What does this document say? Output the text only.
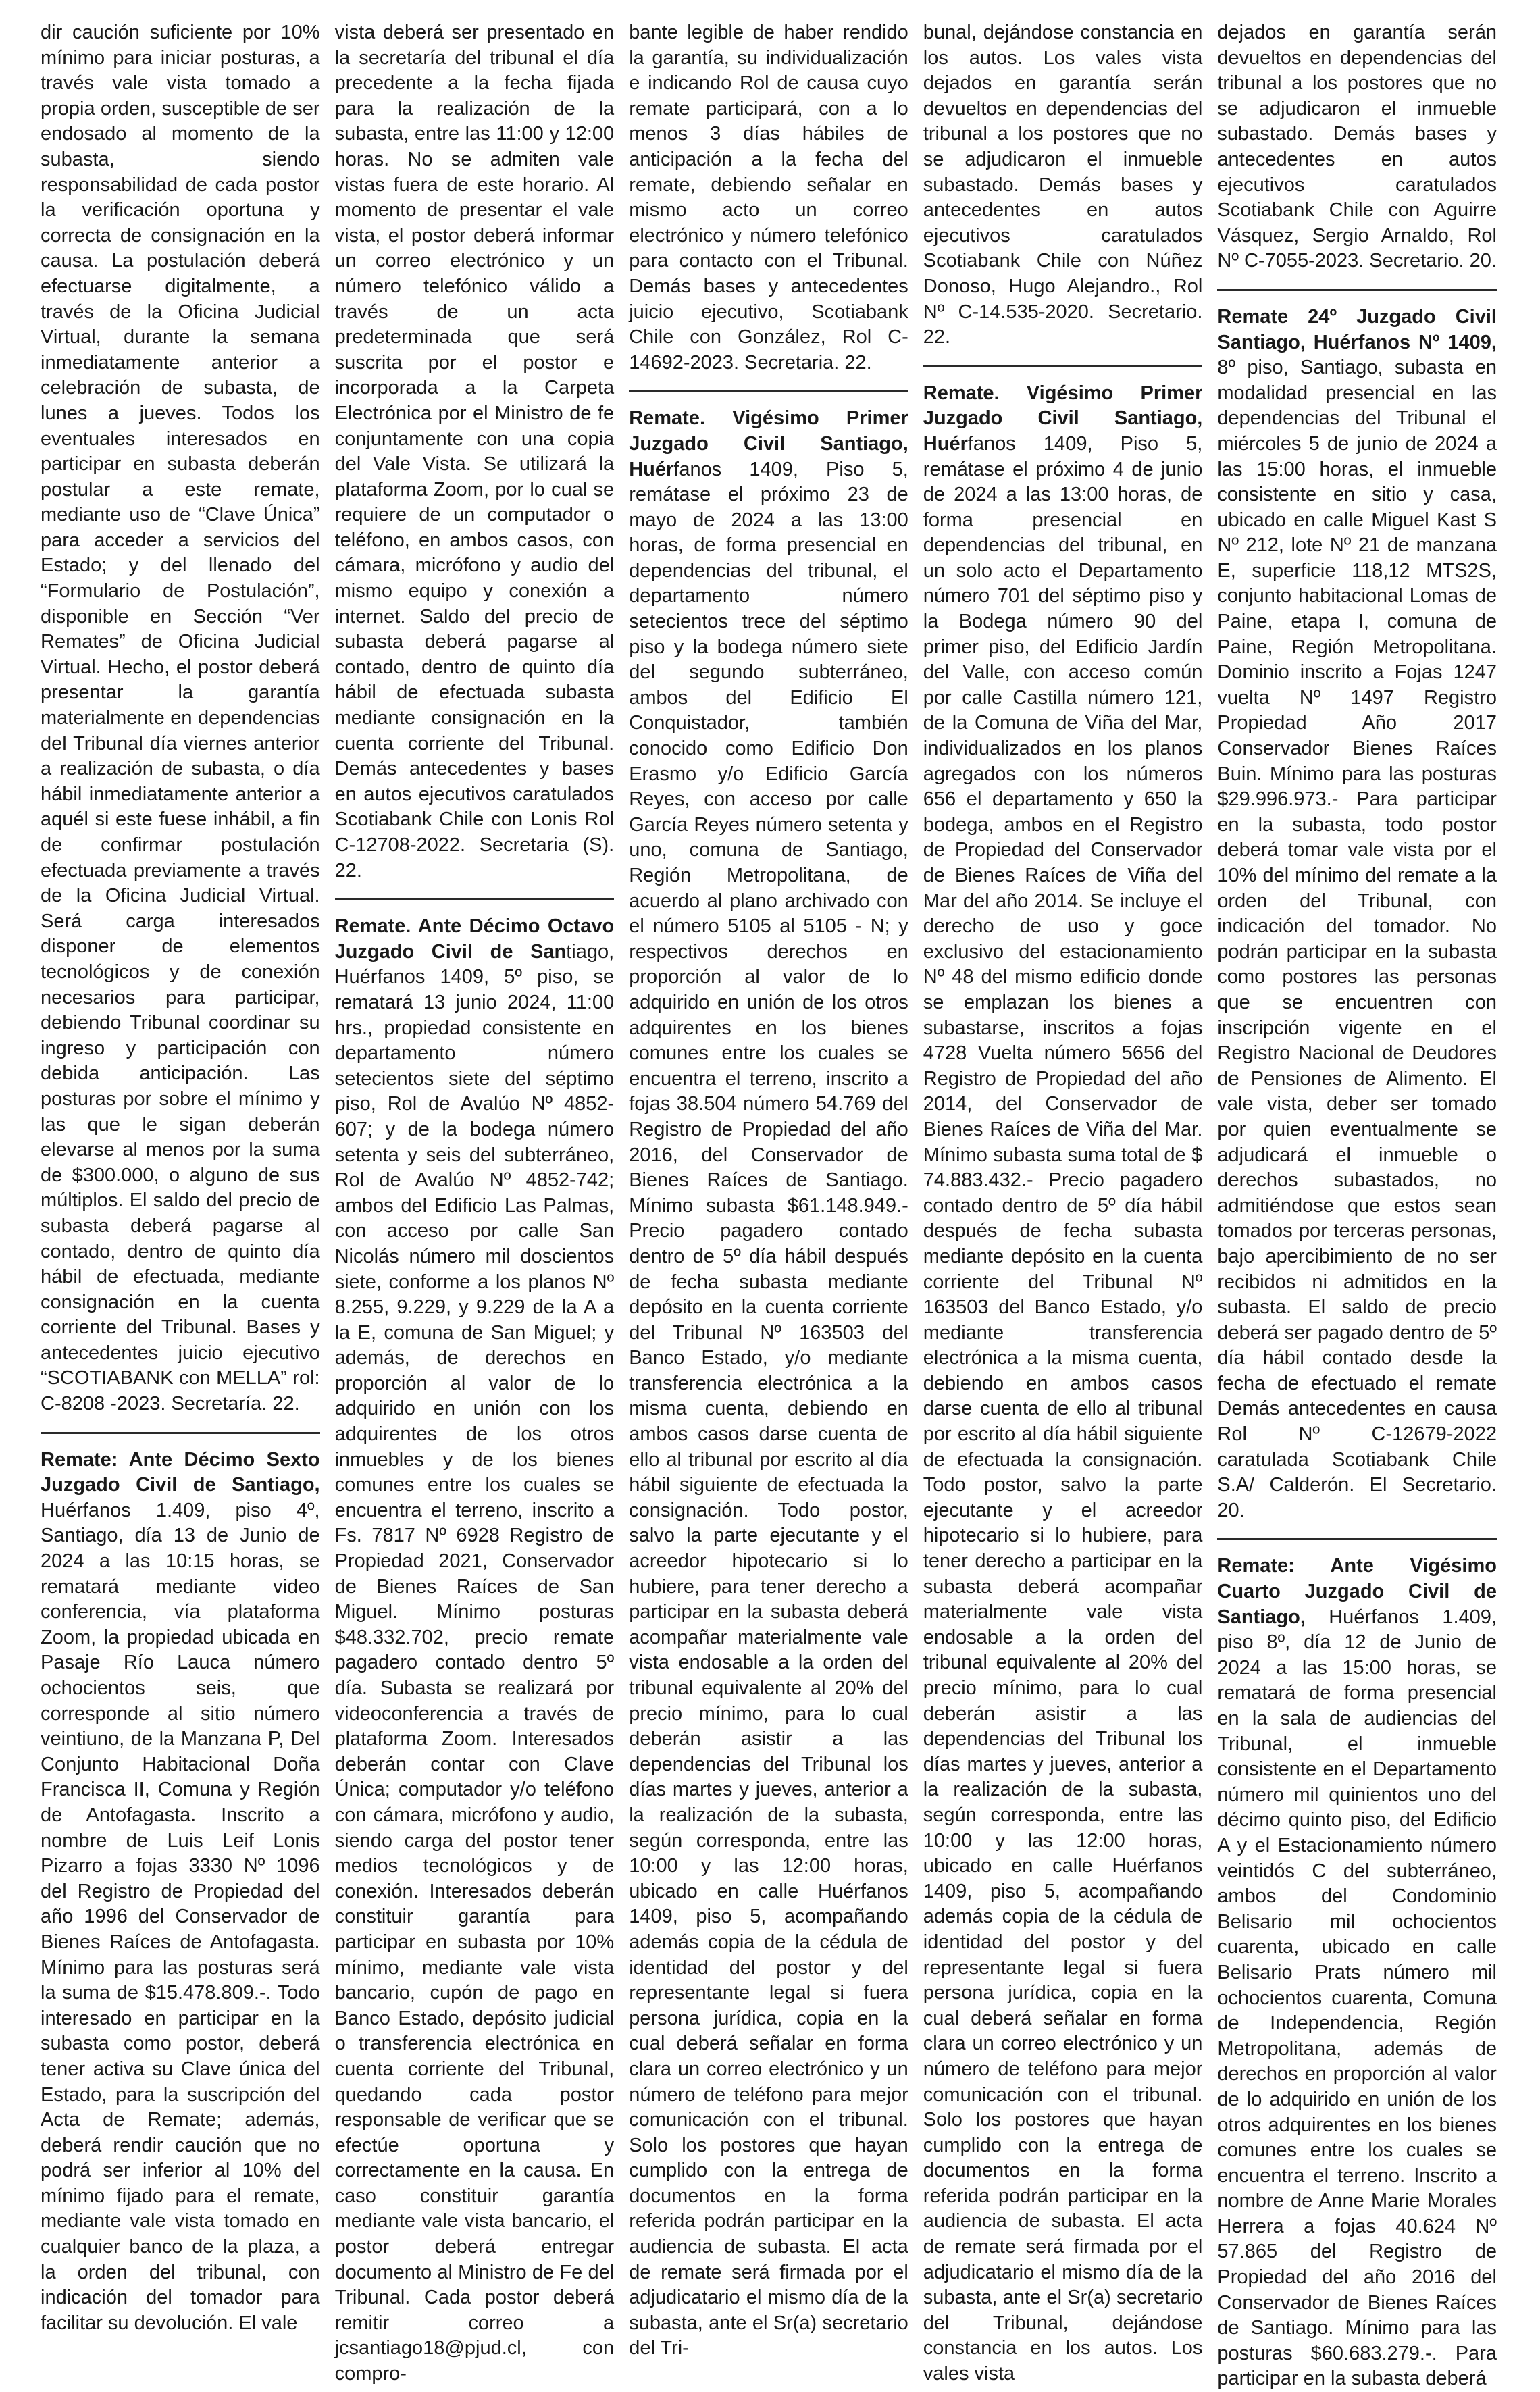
dir caución suficiente por 10% mínimo para iniciar posturas, a través vale vista tomado a propia orden, susceptible de ser endosado al momento de la subasta, siendo responsabilidad de cada postor la verificación oportuna y correcta de consignación en la causa. La postulación deberá efectuarse digitalmente, a través de la Oficina Judicial Virtual, durante la semana inmediatamente anterior a celebración de subasta, de lunes a jueves. Todos los eventuales interesados en participar en subasta deberán postular a este remate, mediante uso de “Clave Única” para acceder a servicios del Estado; y del llenado del “Formulario de Postulación”, disponible en Sección “Ver Remates” de Oficina Judicial Virtual. Hecho, el postor deberá presentar la garantía materialmente en dependencias del Tribunal día viernes anterior a realización de subasta, o día hábil inmediatamente anterior a aquél si este fuese inhábil, a fin de confirmar postulación efectuada previamente a través de la Oficina Judicial Virtual. Será carga interesados disponer de elementos tecnológicos y de conexión necesarios para participar, debiendo Tribunal coordinar su ingreso y participación con debida anticipación. Las posturas por sobre el mínimo y las que le sigan deberán elevarse al menos por la suma de $300.000, o alguno de sus múltiplos. El saldo del precio de subasta deberá pagarse al contado, dentro de quinto día hábil de efectuada, mediante consignación en la cuenta corriente del Tribunal. Bases y antecedentes juicio ejecutivo “SCOTIABANK con MELLA” rol: C-8208 -2023. Secretaría. 22.

Remate: Ante Décimo Sexto Juzgado Civil de Santiago, Huérfanos 1.409, piso 4º, Santiago, día 13 de Junio de 2024 a las 10:15 horas, se rematará mediante video conferencia, vía plataforma Zoom, la propiedad ubicada en Pasaje Río Lauca número ochocientos seis, que corresponde al sitio número veintiuno, de la Manzana P, Del Conjunto Habitacional Doña Francisca II, Comuna y Región de Antofagasta. Inscrito a nombre de Luis Leif Lonis Pizarro a fojas 3330 Nº 1096 del Registro de Propiedad del año 1996 del Conservador de Bienes Raíces de Antofagasta. Mínimo para las posturas será la suma de $15.478.809.-. Todo interesado en participar en la subasta como postor, deberá tener activa su Clave única del Estado, para la suscripción del Acta de Remate; además, deberá rendir caución que no podrá ser inferior al 10% del mínimo fijado para el remate, mediante vale vista tomado en cualquier banco de la plaza, a la orden del tribunal, con indicación del tomador para facilitar su devolución. El vale

vista deberá ser presentado en la secretaría del tribunal el día precedente a la fecha fijada para la realización de la subasta, entre las 11:00 y 12:00 horas. No se admiten vale vistas fuera de este horario. Al momento de presentar el vale vista, el postor deberá informar un correo electrónico y un número telefónico válido a través de un acta predeterminada que será suscrita por el postor e incorporada a la Carpeta Electrónica por el Ministro de fe conjuntamente con una copia del Vale Vista. Se utilizará la plataforma Zoom, por lo cual se requiere de un computador o teléfono, en ambos casos, con cámara, micrófono y audio del mismo equipo y conexión a internet. Saldo del precio de subasta deberá pagarse al contado, dentro de quinto día hábil de efectuada subasta mediante consignación en la cuenta corriente del Tribunal. Demás antecedentes y bases en autos ejecutivos caratulados Scotiabank Chile con Lonis Rol C-12708-2022. Secretaria (S). 22.

Remate. Ante Décimo Octavo Juzgado Civil de Santiago, Huérfanos 1409, 5º piso, se rematará 13 junio 2024, 11:00 hrs., propiedad consistente en departamento número setecientos siete del séptimo piso, Rol de Avalúo Nº 4852-607; y de la bodega número setenta y seis del subterráneo, Rol de Avalúo Nº 4852-742; ambos del Edificio Las Palmas, con acceso por calle San Nicolás número mil doscientos siete, conforme a los planos Nº 8.255, 9.229, y 9.229 de la A a la E, comuna de San Miguel; y además, de derechos en proporción al valor de lo adquirido en unión con los adquirentes de los otros inmuebles y de los bienes comunes entre los cuales se encuentra el terreno, inscrito a Fs. 7817 Nº 6928 Registro de Propiedad 2021, Conservador de Bienes Raíces de San Miguel. Mínimo posturas $48.332.702, precio remate pagadero contado dentro 5º día. Subasta se realizará por videoconferencia a través de plataforma Zoom. Interesados deberán contar con Clave Única; computador y/o teléfono con cámara, micrófono y audio, siendo carga del postor tener medios tecnológicos y de conexión. Interesados deberán constituir garantía para participar en subasta por 10% mínimo, mediante vale vista bancario, cupón de pago en Banco Estado, depósito judicial o transferencia electrónica en cuenta corriente del Tribunal, quedando cada postor responsable de verificar que se efectúe oportuna y correctamente en la causa. En caso constituir garantía mediante vale vista bancario, el postor deberá entregar documento al Ministro de Fe del Tribunal. Cada postor deberá remitir correo a jcsantiago18@pjud.cl, con compro-

bante legible de haber rendido la garantía, su individualización e indicando Rol de causa cuyo remate participará, con a lo menos 3 días hábiles de anticipación a la fecha del remate, debiendo señalar en mismo acto un correo electrónico y número telefónico para contacto con el Tribunal. Demás bases y antecedentes juicio ejecutivo, Scotiabank Chile con González, Rol C-14692-2023. Secretaria. 22.

Remate. Vigésimo Primer Juzgado Civil Santiago, Huérfanos 1409, Piso 5, remátase el próximo 23 de mayo de 2024 a las 13:00 horas, de forma presencial en dependencias del tribunal, el departamento número setecientos trece del séptimo piso y la bodega número siete del segundo subterráneo, ambos del Edificio El Conquistador, también conocido como Edificio Don Erasmo y/o Edificio García Reyes, con acceso por calle García Reyes número setenta y uno, comuna de Santiago, Región Metropolitana, de acuerdo al plano archivado con el número 5105 al 5105 - N; y respectivos derechos en proporción al valor de lo adquirido en unión de los otros adquirentes en los bienes comunes entre los cuales se encuentra el terreno, inscrito a fojas 38.504 número 54.769 del Registro de Propiedad del año 2016, del Conservador de Bienes Raíces de Santiago. Mínimo subasta $61.148.949.- Precio pagadero contado dentro de 5º día hábil después de fecha subasta mediante depósito en la cuenta corriente del Tribunal Nº 163503 del Banco Estado, y/o mediante transferencia electrónica a la misma cuenta, debiendo en ambos casos darse cuenta de ello al tribunal por escrito al día hábil siguiente de efectuada la consignación. Todo postor, salvo la parte ejecutante y el acreedor hipotecario si lo hubiere, para tener derecho a participar en la subasta deberá acompañar materialmente vale vista endosable a la orden del tribunal equivalente al 20% del precio mínimo, para lo cual deberán asistir a las dependencias del Tribunal los días martes y jueves, anterior a la realización de la subasta, según corresponda, entre las 10:00 y las 12:00 horas, ubicado en calle Huérfanos 1409, piso 5, acompañando además copia de la cédula de identidad del postor y del representante legal si fuera persona jurídica, copia en la cual deberá señalar en forma clara un correo electrónico y un número de teléfono para mejor comunicación con el tribunal. Solo los postores que hayan cumplido con la entrega de documentos en la forma referida podrán participar en la audiencia de subasta. El acta de remate será firmada por el adjudicatario el mismo día de la subasta, ante el Sr(a) secretario del Tri-

bunal, dejándose constancia en los autos. Los vales vista dejados en garantía serán devueltos en dependencias del tribunal a los postores que no se adjudicaron el inmueble subastado. Demás bases y antecedentes en autos ejecutivos caratulados Scotiabank Chile con Núñez Donoso, Hugo Alejandro., Rol Nº C-14.535-2020. Secretario. 22.

Remate. Vigésimo Primer Juzgado Civil Santiago, Huérfanos 1409, Piso 5, remátase el próximo 4 de junio de 2024 a las 13:00 horas, de forma presencial en dependencias del tribunal, en un solo acto el Departamento número 701 del séptimo piso y la Bodega número 90 del primer piso, del Edificio Jardín del Valle, con acceso común por calle Castilla número 121, de la Comuna de Viña del Mar, individualizados en los planos agregados con los números 656 el departamento y 650 la bodega, ambos en el Registro de Propiedad del Conservador de Bienes Raíces de Viña del Mar del año 2014. Se incluye el derecho de uso y goce exclusivo del estacionamiento Nº 48 del mismo edificio donde se emplazan los bienes a subastarse, inscritos a fojas 4728 Vuelta número 5656 del Registro de Propiedad del año 2014, del Conservador de Bienes Raíces de Viña del Mar. Mínimo subasta suma total de $ 74.883.432.- Precio pagadero contado dentro de 5º día hábil después de fecha subasta mediante depósito en la cuenta corriente del Tribunal Nº 163503 del Banco Estado, y/o mediante transferencia electrónica a la misma cuenta, debiendo en ambos casos darse cuenta de ello al tribunal por escrito al día hábil siguiente de efectuada la consignación. Todo postor, salvo la parte ejecutante y el acreedor hipotecario si lo hubiere, para tener derecho a participar en la subasta deberá acompañar materialmente vale vista endosable a la orden del tribunal equivalente al 20% del precio mínimo, para lo cual deberán asistir a las dependencias del Tribunal los días martes y jueves, anterior a la realización de la subasta, según corresponda, entre las 10:00 y las 12:00 horas, ubicado en calle Huérfanos 1409, piso 5, acompañando además copia de la cédula de identidad del postor y del representante legal si fuera persona jurídica, copia en la cual deberá señalar en forma clara un correo electrónico y un número de teléfono para mejor comunicación con el tribunal. Solo los postores que hayan cumplido con la entrega de documentos en la forma referida podrán participar en la audiencia de subasta. El acta de remate será firmada por el adjudicatario el mismo día de la subasta, ante el Sr(a) secretario del Tribunal, dejándose constancia en los autos. Los vales vista

dejados en garantía serán devueltos en dependencias del tribunal a los postores que no se adjudicaron el inmueble subastado. Demás bases y antecedentes en autos ejecutivos caratulados Scotiabank Chile con Aguirre Vásquez, Sergio Arnaldo, Rol Nº C-7055-2023. Secretario. 20.

Remate 24º Juzgado Civil Santiago, Huérfanos Nº 1409, 8º piso, Santiago, subasta en modalidad presencial en las dependencias del Tribunal el miércoles 5 de junio de 2024 a las 15:00 horas, el inmueble consistente en sitio y casa, ubicado en calle Miguel Kast S Nº 212, lote Nº 21 de manzana E, superficie 118,12 MTS2S, conjunto habitacional Lomas de Paine, etapa I, comuna de Paine, Región Metropolitana. Dominio inscrito a Fojas 1247 vuelta Nº 1497 Registro Propiedad Año 2017 Conservador Bienes Raíces Buin. Mínimo para las posturas $29.996.973.- Para participar en la subasta, todo postor deberá tomar vale vista por el 10% del mínimo del remate a la orden del Tribunal, con indicación del tomador. No podrán participar en la subasta como postores las personas que se encuentren con inscripción vigente en el Registro Nacional de Deudores de Pensiones de Alimento. El vale vista, deber ser tomado por quien eventualmente se adjudicará el inmueble o derechos subastados, no admitiéndose que estos sean tomados por terceras personas, bajo apercibimiento de no ser recibidos ni admitidos en la subasta. El saldo de precio deberá ser pagado dentro de 5º día hábil contado desde la fecha de efectuado el remate Demás antecedentes en causa Rol Nº C-12679-2022 caratulada Scotiabank Chile S.A/ Calderón. El Secretario. 20.

Remate: Ante Vigésimo Cuarto Juzgado Civil de Santiago, Huérfanos 1.409, piso 8º, día 12 de Junio de 2024 a las 15:00 horas, se rematará de forma presencial en la sala de audiencias del Tribunal, el inmueble consistente en el Departamento número mil quinientos uno del décimo quinto piso, del Edificio A y el Estacionamiento número veintidós C del subterráneo, ambos del Condominio Belisario mil ochocientos cuarenta, ubicado en calle Belisario Prats número mil ochocientos cuarenta, Comuna de Independencia, Región Metropolitana, además de derechos en proporción al valor de lo adquirido en unión de los otros adquirentes en los bienes comunes entre los cuales se encuentra el terreno. Inscrito a nombre de Anne Marie Morales Herrera a fojas 40.624 Nº 57.865 del Registro de Propiedad del año 2016 del Conservador de Bienes Raíces de Santiago. Mínimo para las posturas $60.683.279.-. Para participar en la subasta deberá
